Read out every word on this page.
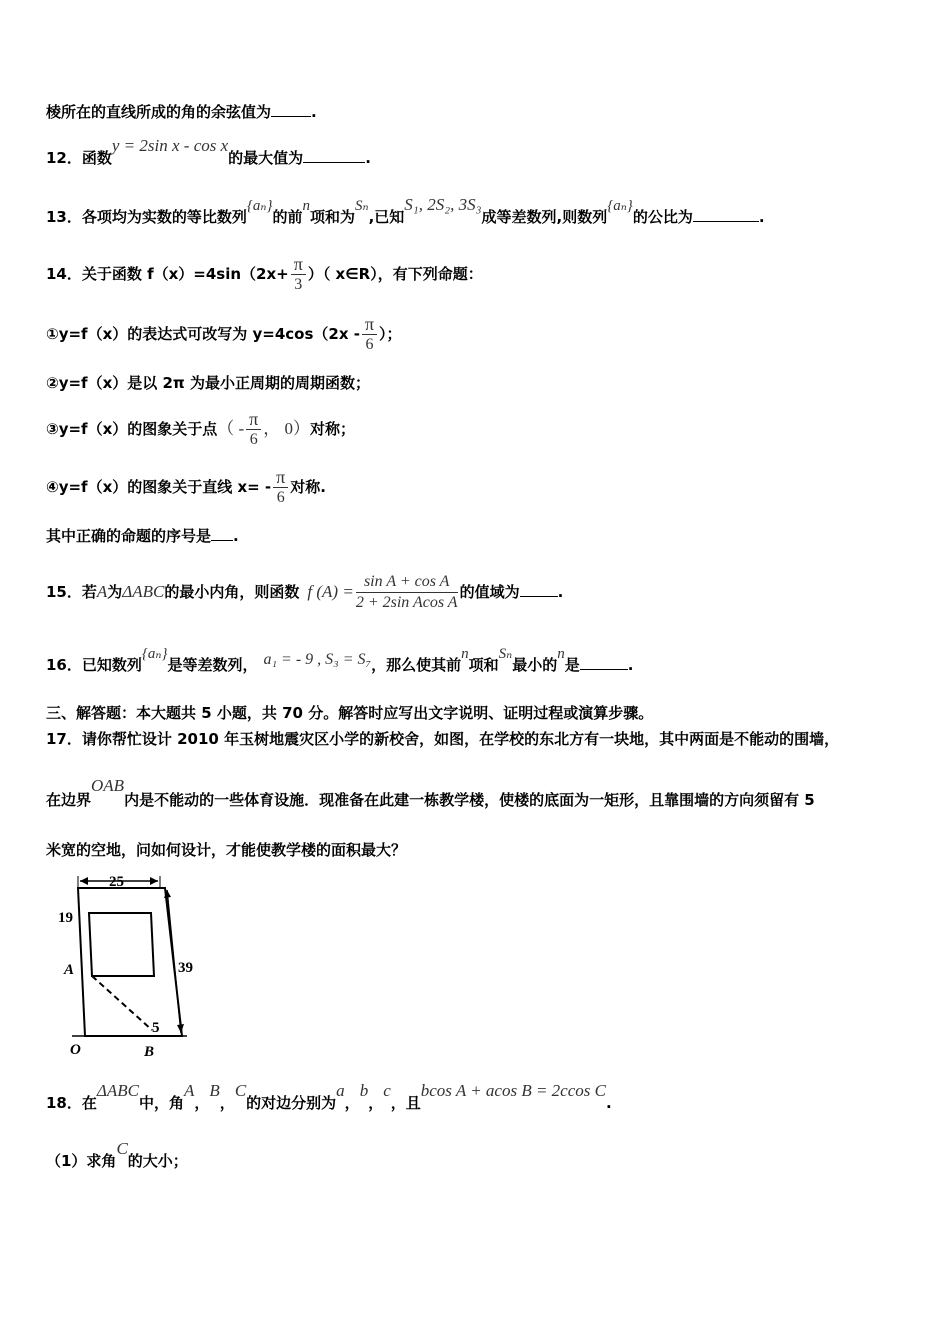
棱所在的直线所成的角的余弦值为	.
12．函数y = 2sin x - cos x的最大值为	.
13．各项均为实数的等比数列{aₙ}的前n项和为Sₙ,已知S₁, 2S₂, 3S₃成等差数列,则数列{aₙ}的公比为	.
14．关于函数 $f(x)=4\sin(2x+ \frac{\pi}{3}$ ）（ x∈R），有下列命题：
①y=f（x）的表达式可改写为 $y=4\cos(2x - \frac{\pi}{6}$ ）；
②y=f（x）是以 2π 为最小正周期的周期函数；
③y=f（x）的图象关于点（ - $\frac{\pi}{6}$ ， 0）对称；
④y=f（x）的图象关于直线 $x= - \frac{\pi}{6}$ 对称.
其中正确的命题的序号是 .
15．若A为ΔABC的最小内角，则函数 f $(A) = \frac{\text{sin A + cos A}}{\text{2 + 2sin Acos A}}$ 的值域为	.
16．已知数列{aₙ}是等差数列， a₁ = - 9 , S₃ = S₇，那么使其前n项和Sₙ最小的n是	.
三、解答题：本大题共 5 小题，共 70 分。解答时应写出文字说明、证明过程或演算步骤。
17．请你帮忙设计 2010 年玉树地震灾区小学的新校舍，如图，在学校的东北方有一块地，其中两面是不能动的围墙，
在边界OAB内是不能动的一些体育设施．现准备在此建一栋教学楼，使楼的底面为一矩形，且靠围墙的方向须留有 5
米宽的空地，问如何设计，才能使教学楼的面积最大？
25
19
39
A
5
O	B
18．在ΔABC中，角A，B，C的对边分别为a，b，c，且bcos A + acos B = 2ccos C.
（1）求角C的大小；
